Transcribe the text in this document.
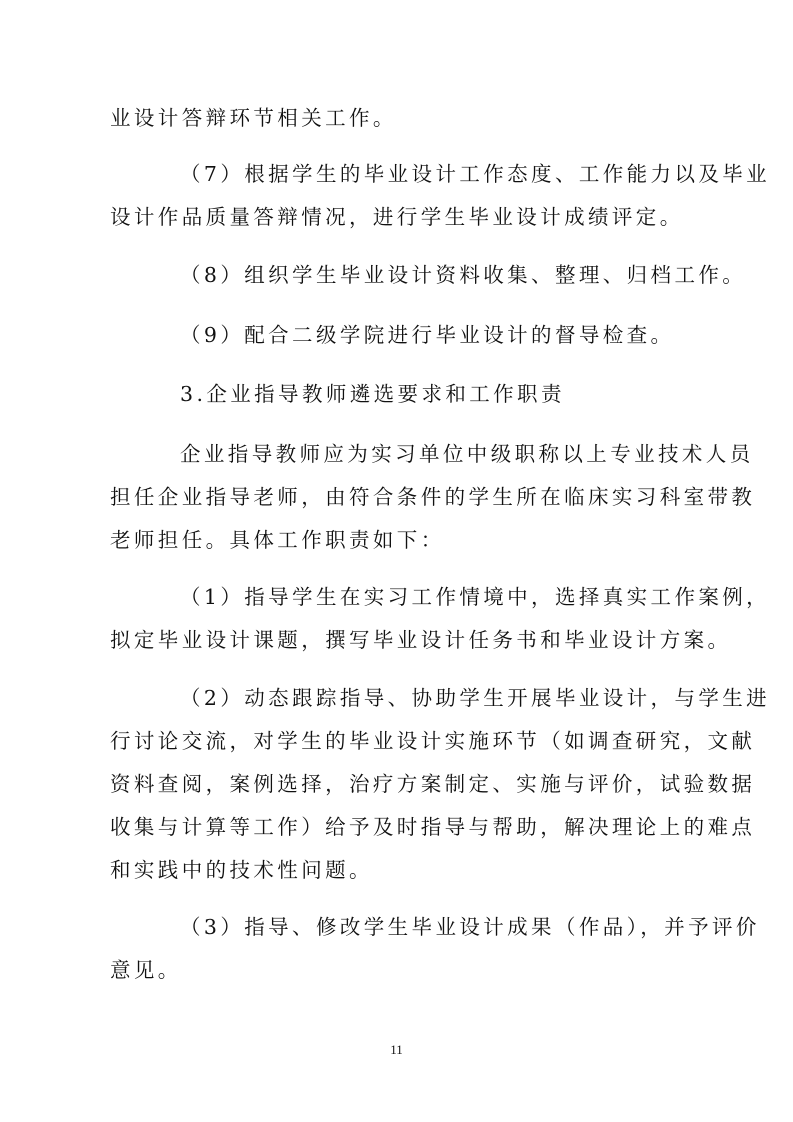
业设计答辩环节相关工作。
（7）根据学生的毕业设计工作态度、工作能力以及毕业
设计作品质量答辩情况，进行学生毕业设计成绩评定。
（8）组织学生毕业设计资料收集、整理、归档工作。
（9）配合二级学院进行毕业设计的督导检查。
3.企业指导教师遴选要求和工作职责
企业指导教师应为实习单位中级职称以上专业技术人员
担任企业指导老师，由符合条件的学生所在临床实习科室带教
老师担任。具体工作职责如下：
（1）指导学生在实习工作情境中，选择真实工作案例，
拟定毕业设计课题，撰写毕业设计任务书和毕业设计方案。
（2）动态跟踪指导、协助学生开展毕业设计，与学生进
行讨论交流，对学生的毕业设计实施环节（如调查研究，文献
资料查阅，案例选择，治疗方案制定、实施与评价，试验数据
收集与计算等工作）给予及时指导与帮助，解决理论上的难点
和实践中的技术性问题。
（3）指导、修改学生毕业设计成果（作品），并予评价
意见。
11
